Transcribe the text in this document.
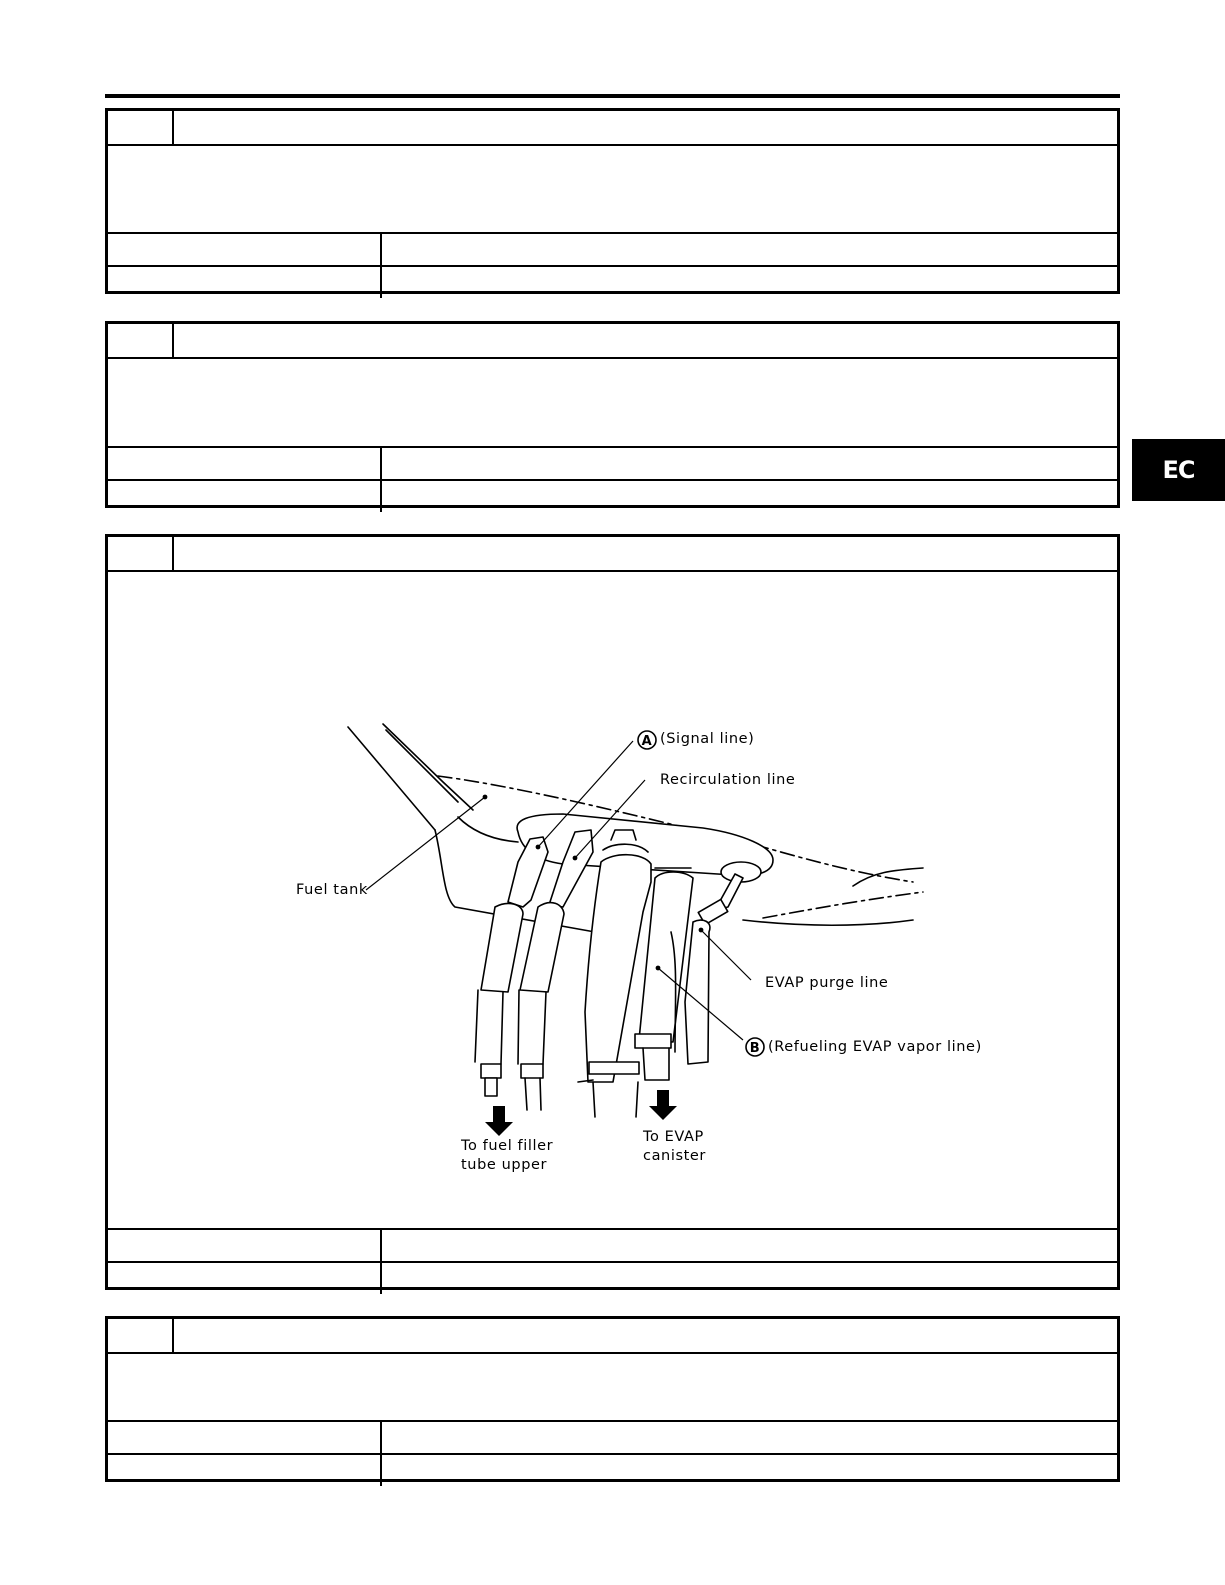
A (Signal line)
Recirculation line
Fuel tank
EVAP purge line
B (Refueling EVAP vapor line)
To fuel filler
tube upper
To EVAP
canister
EC
